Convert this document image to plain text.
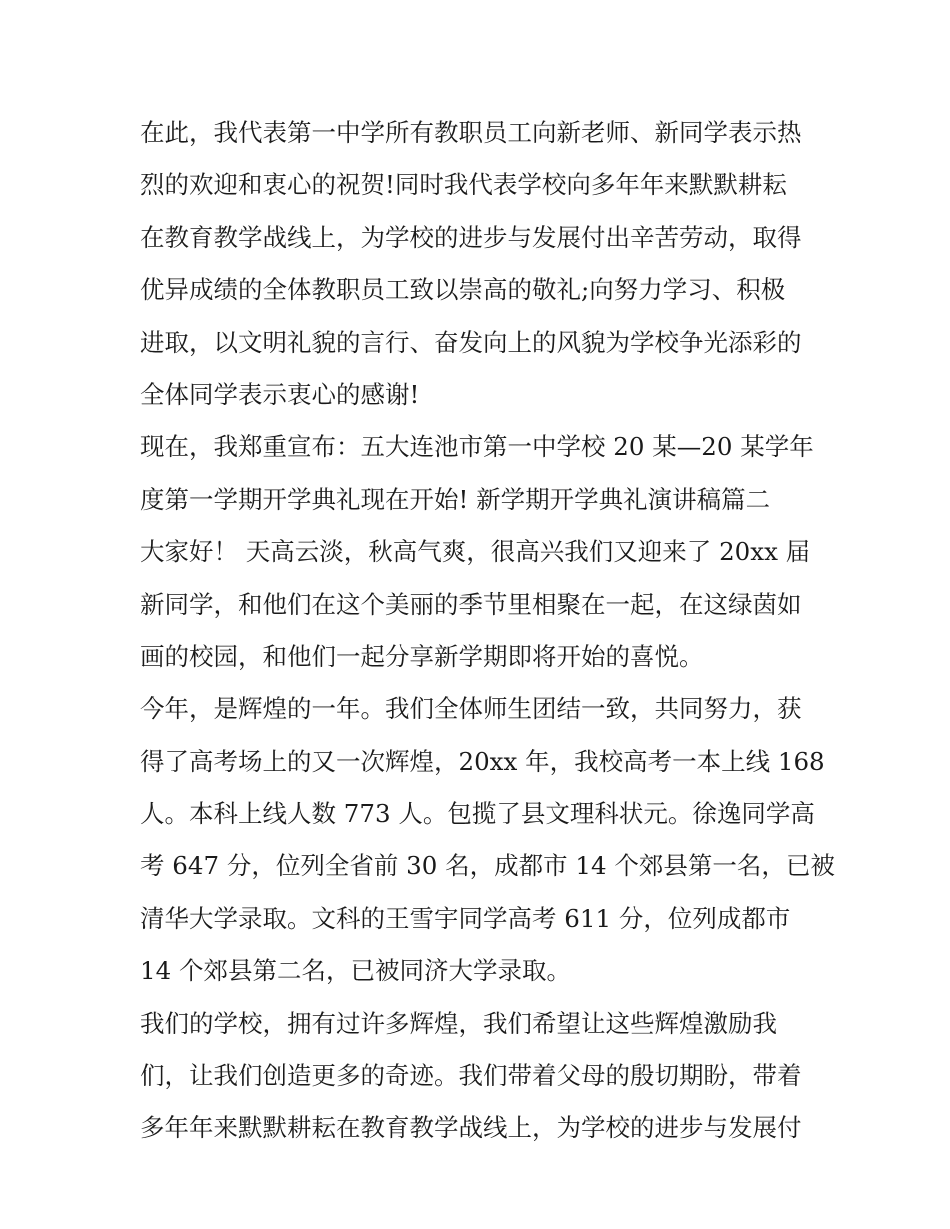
在此，我代表第一中学所有教职员工向新老师、新同学表示热
烈的欢迎和衷心的祝贺!同时我代表学校向多年年来默默耕耘
在教育教学战线上，为学校的进步与发展付出辛苦劳动，取得
优异成绩的全体教职员工致以崇高的敬礼;向努力学习、积极
进取，以文明礼貌的言行、奋发向上的风貌为学校争光添彩的
全体同学表示衷心的感谢!
现在，我郑重宣布：五大连池市第一中学校 20 某—20 某学年
度第一学期开学典礼现在开始! 新学期开学典礼演讲稿篇二
大家好！ 天高云淡，秋高气爽，很高兴我们又迎来了 20xx 届
新同学，和他们在这个美丽的季节里相聚在一起，在这绿茵如
画的校园，和他们一起分享新学期即将开始的喜悦。
今年，是辉煌的一年。我们全体师生团结一致，共同努力，获
得了高考场上的又一次辉煌，20xx 年，我校高考一本上线 168
人。本科上线人数 773 人。包揽了县文理科状元。徐逸同学高
考 647 分，位列全省前 30 名，成都市 14 个郊县第一名，已被
清华大学录取。文科的王雪宇同学高考 611 分，位列成都市
14 个郊县第二名，已被同济大学录取。
我们的学校，拥有过许多辉煌，我们希望让这些辉煌激励我
们，让我们创造更多的奇迹。我们带着父母的殷切期盼，带着
多年年来默默耕耘在教育教学战线上，为学校的进步与发展付
